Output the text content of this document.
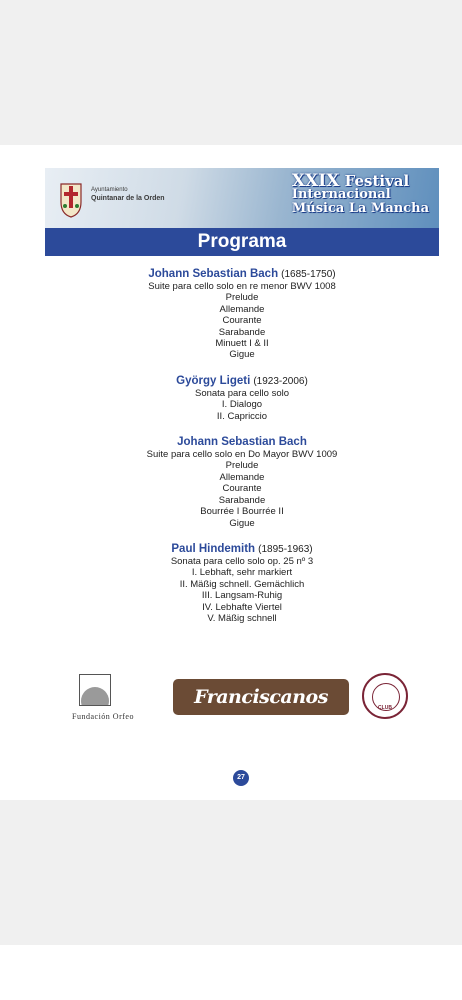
Ayuntamiento
Quintanar de la Orden
XXIX Festival
Internacional
Música La Mancha
Programa
Johann Sebastian Bach (1685-1750)
Suite para cello solo en re menor BWV 1008
Prelude
Allemande
Courante
Sarabande
Minuett I & II
Gigue
György Ligeti (1923-2006)
Sonata para cello solo
I. Dialogo
II. Capriccio
Johann Sebastian Bach
Suite para cello solo en Do Mayor BWV 1009
Prelude
Allemande
Courante
Sarabande
Bourrée I Bourrée II
Gigue
Paul Hindemith (1895-1963)
Sonata para cello solo op. 25 nº 3
I. Lebhaft, sehr markiert
II. Mäßig schnell. Gemächlich
III. Langsam-Ruhig
IV. Lebhafte Viertel
V. Mäßig schnell
Fundación Orfeo
Franciscanos T.o.r.
CLUB
27
